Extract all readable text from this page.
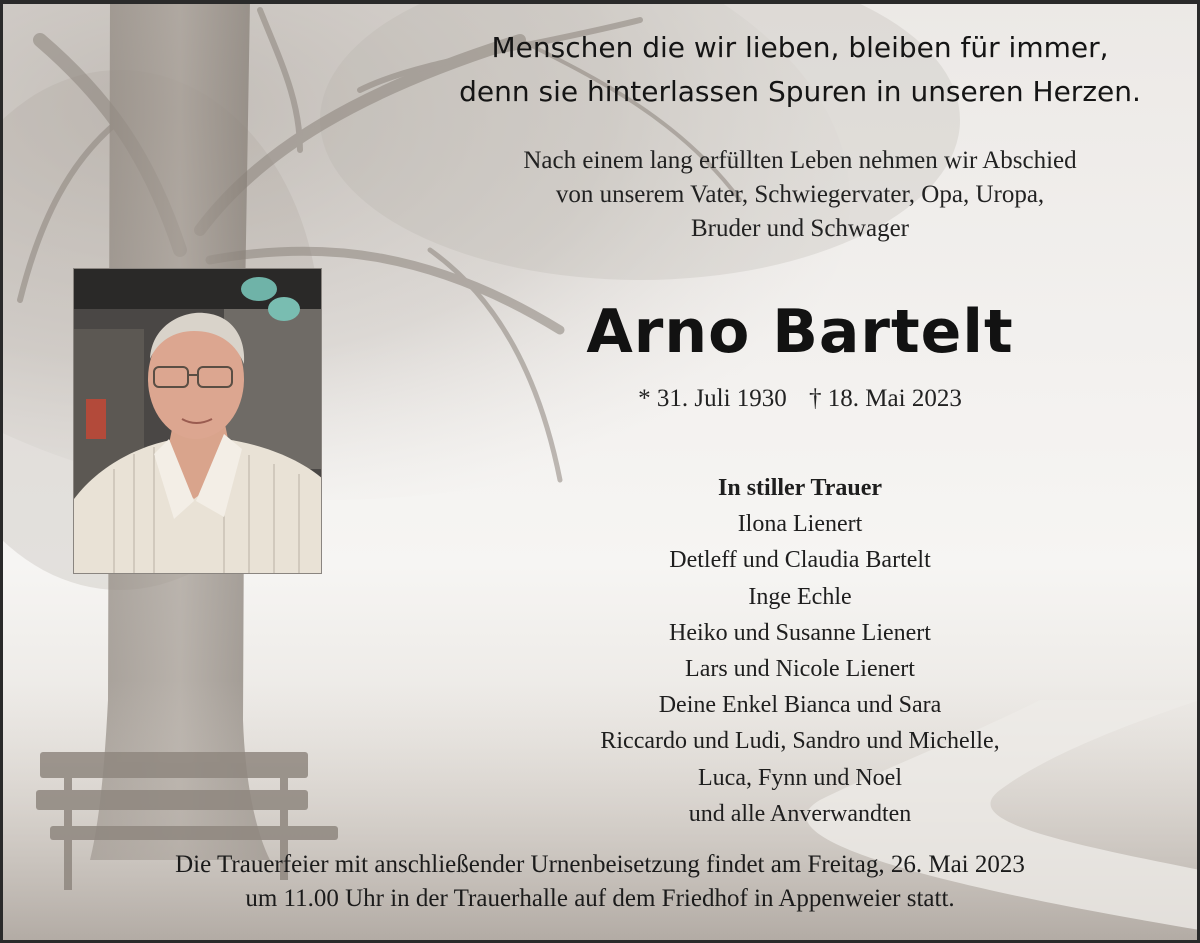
Menschen die wir lieben, bleiben für immer,
denn sie hinterlassen Spuren in unseren Herzen.
Nach einem lang erfüllten Leben nehmen wir Abschied
von unserem Vater, Schwiegervater, Opa, Uropa,
Bruder und Schwager
Arno Bartelt
* 31. Juli 1930 † 18. Mai 2023
In stiller Trauer
Ilona Lienert
Detleff und Claudia Bartelt
Inge Echle
Heiko und Susanne Lienert
Lars und Nicole Lienert
Deine Enkel Bianca und Sara
Riccardo und Ludi, Sandro und Michelle,
Luca, Fynn und Noel
und alle Anverwandten
Die Trauerfeier mit anschließender Urnenbeisetzung findet am Freitag, 26. Mai 2023
um 11.00 Uhr in der Trauerhalle auf dem Friedhof in Appenweier statt.
